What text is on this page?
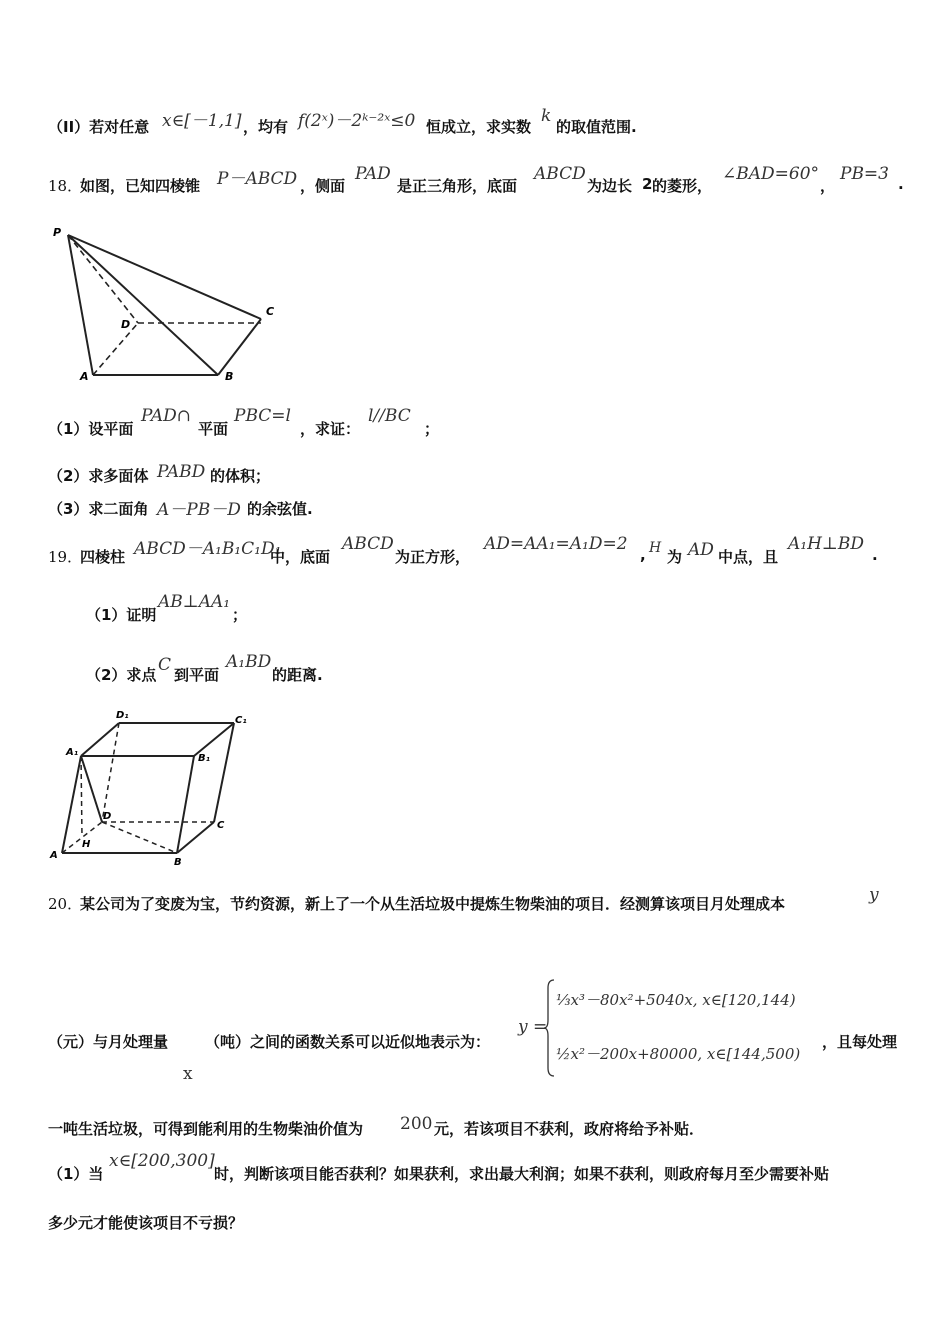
（II）若对任意 x∈[－1,1] ，均有 f(2ˣ)－2ᵏ⁻²ˣ≤0 恒成立，求实数
k
的取值范围.
18．
如图，已知四棱锥 P－ABCD ，侧面
PAD
是正三角形，底面
ABCD
为边长 2 的菱形，
∠BAD=60°
，
PB=3 .
P
A	B
C
D
（1）设平面
PAD∩
平面
PBC=l
，求证：
l//BC
；
（2）求多面体 PABD 的体积；
（3）求二面角 A－PB－D 的余弦值.
19．
四棱柱 ABCD－A₁B₁C₁D₁
中，底面
ABCD
为正方形，
AD=AA₁=A₁D=2
, H 为 AD 中点，且
A₁H⊥BD
.
（1）证明
AB⊥AA₁
；
（2）求点 C 到平面
A₁BD
的距离.
D₁	C₁
A₁
B₁
D
C
H
A
B
20．
某公司为了变废为宝，节约资源，新上了一个从生活垃圾中提炼生物柴油的项目．经测算该项目月处理成本	y
（元）与月处理量
x
（吨）之间的函数关系可以近似地表示为：
y =
⅓x³－80x²+5040x, x∈[120,144)
½x²－200x+80000, x∈[144,500)
，且每处理
一吨生活垃圾，可得到能利用的生物柴油价值为 200 元，若该项目不获利，政府将给予补贴．
（1）当
x∈[200,300]
时，判断该项目能否获利？如果获利，求出最大利润；如果不获利，则政府每月至少需要补贴
多少元才能使该项目不亏损？
